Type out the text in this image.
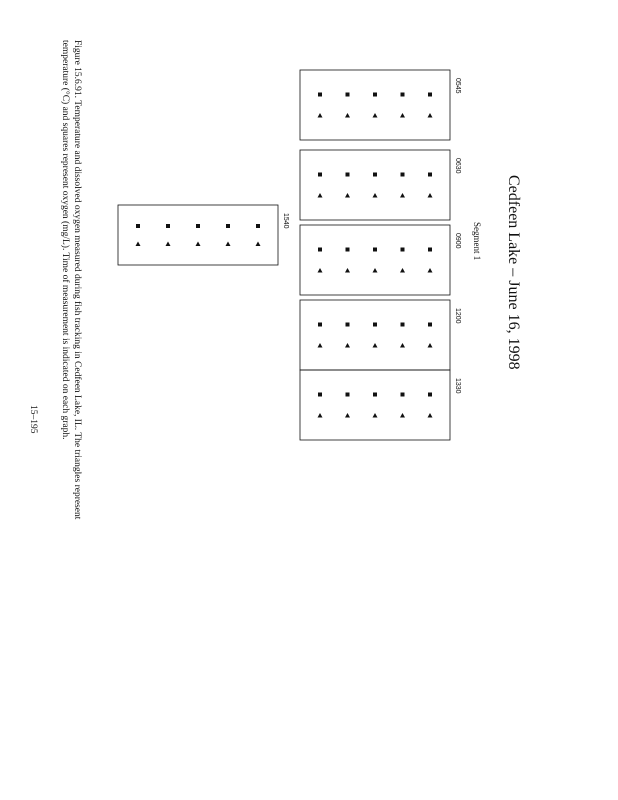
Cedfeen Lake – June 16, 1998
Segment 1
0545
0630
0900
1200
1330
1540
Figure 15.6.91. Temperature and dissolved oxygen measured during fish tracking in Cedfeen Lake, IL. The triangles represent
temperature (°C) and squares represent oxygen (mg/L). Time of measurement is indicated on each graph.
15–195
